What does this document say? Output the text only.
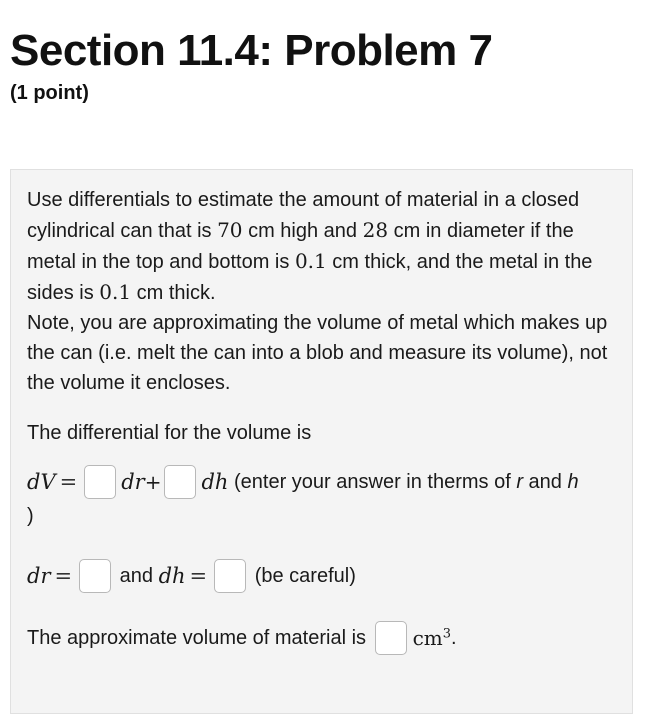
Section 11.4: Problem 7
(1 point)

Use differentials to estimate the amount of material in a closed cylindrical can that is 70 cm high and 28 cm in diameter if the metal in the top and bottom is 0.1 cm thick, and the metal in the sides is 0.1 cm thick.

Note, you are approximating the volume of metal which makes up the can (i.e. melt the can into a blob and measure its volume), not the volume it encloses.

The differential for the volume is

dV = dr + dh (enter your answer in therms of r and h
)
dr = and dh = (be careful)
The approximate volume of material is $cm^3$ .
